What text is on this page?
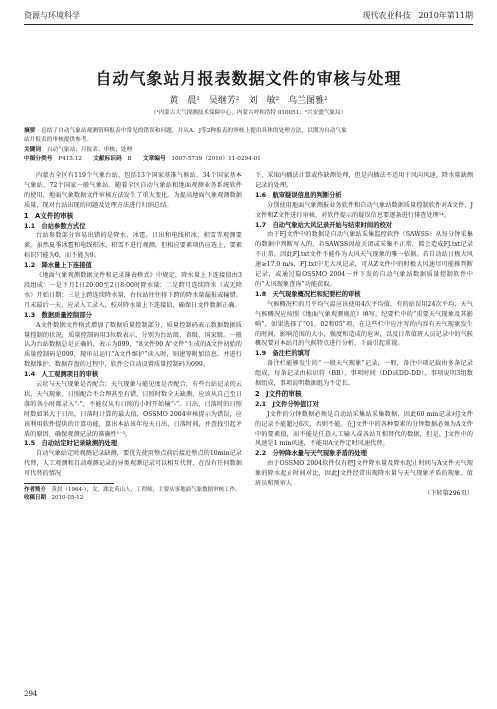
资源与环境科学	现代农业科技　2010年第11期
自动气象站月报表数据文件的审核与处理
黄　晨¹　吴继芳²　刘　敏²　乌兰图雅²
（¹内蒙古大气探测技术保障中心，内蒙古呼和浩特 010051；²兴安盟气象局）
摘要　 总结了自动气象站观测资料报表中常见的错误和问题，并从A、J等2种报表的审核上提出具体的处理方法，以期为自动气象
站月报表的审核提供参考。
关键词　 自动气象站；月报表；审核；处理
中图分类号　 P415.12　　 文献标识码　 B　　 文章编号　 1007-5739（2010）11-0294-01

内蒙古全区有119个气象台站，包括13个国家基准气候站、34个国家基本气象站、72个国家一般气象站。随着全区自动气象站和地面观测业务系统软件的使用，地面气象数据文件审核方法发生了重大变化。为提高地面气象观测数据质量，现对台站出现的问题及处理方法进行归纳总结。

1　A文件的审核
1.1　台站参数方式位

台站参数部分容易出错的是降水、冰雹、日出和电线积冰、积雪等观测要素。虽然夏季冰雹和电线积冰、积雪不进行观测，但相应要素项仍应选上，要素标识只能为0，而不能为9。

1.2　降水量上下连接值

《地面气象观测数据文件和记录簿表格式》中规定，降水量上下连接值由3段组成：一是下月1日20:00至2日8:00时降水量；二是跨月连续降水（或无降水）开始日期；三是上跨连续降水量，右位站往往将下跨的降水量漏报或输错。月末最后一天，应录入工录入，校对降水量上下连接值，确保日文件数据正确。

1.3　数据质量控制部分

A文件数据文件格式增加了数据质量控制部分，质量控制码表示数据数据质量控制的状况，质量控制码用3位数表示，分别为台站级、省级、国家级。一般认为台站数据总是正确的，表示为099，“8文件90 A”文件“生成的A文件初始的质量控制码是099，现审员运行“A文件维护”读入时，则建筹附加信息，并进行数据维护，数据存盘的过程中，软件会自动设置质量控制码为099。

1.4　人工观测项目的审核

云状与天气现象是否配合；天气现象与能见度是否配合，有些台站记录的云状、天气现象、日照配合不合理甚至有错，日照时数全天缺测，应该从自己至日落的各小时都录入“-”，不能仅从有日照的小时开始输“-”。日出、日落时的日照时数如果大于日出、日落时计算的最大值，OSSMO 2004审核提示为错误，应该利用软件提供的计算功能，算出本站该年每天日出、日落时间，并查找引起矛盾的原因，确保观测记录的准确性¹⁻³。

1.5　自动站定时记录缺测的处理

自动气象站定时观测记录缺测，要优先使用整点前后接近整点的10min记录代替，人工观测和自动观测记录的异类观测记录可以相互代替，在没有任何数据可代替的情况

作者简介　 黄晨（1964-），女，湖北英山人，工程师，主要从事地面气象数据审核工作。
收稿日期　 2010-05-12

下，采取内插法计算或作缺测处理，但是内插法不适用于风向风速、降水量缺测记录的处理。

1.6　航审疑误信息的判断分析

分别使用地面气象测报业务软件和自动气象站数据质量控制软件对A文件、J文件和Z文件进行审核，对软件提示的疑误信息要逐条进行排查处理¹⁴。

1.7　自动气象站大风记录开始与结束时间的校对

由于FJ文件中的数据是自动气象站采集监控软件（SAWSS）从每分钟采集的数据中判断写入的，若SAWSS因故关闭或采集不正常，都会造成FJ.txt记录不正常，因此FJ.txt文件不能作为大风天气现象的唯一依据。若自动站日极大风速≥17.0 m/s，FJ.txt中无大风记录，可从Z文件中的时极大风速尽可能推判断记录，或通过隐OSSMO 2004一并下发的自动气象站数据质量控制软件中的“大风现象查询”功能获取。

1.8　天气现象概况栏和纪要栏的审核

气候概况栏的月平均气温应该使用4次平均值，有的站误用24次平均；天气气候概况应按照《地面气象观测规范》填写，纪要栏中的“重要天气现象及其影响”，如果选择了“01，02和05”项，在这些栏中应注写的内容有天气现象发生的时间，影响范围的大小，强度和造成的危害，以及日常值班人员记录中的气候概况要对本站月的气候特点进行分析，下面引起重视。

1.9　备注栏的填写

备注栏能够发生的“ 一般天气现象”记录，一般，备注中项记载由多条记录组成，每条记录由标识符（BB），事项时间（DD或DD-DD）、事项说明3组数据组成，事项说明数据组为不定长。

2　J文件的审核
2.1　J文件分钟值订对

J文件的分钟数据必须是自动站采集站采集数据，因此60 min记录对J文件的记录不能超过6次，否则不能。在J文件中的各种要素的分钟数据必须为A文件中的要素值，而不能是任意人工输入或各站互相替代的数据，但是，J文件中的风速是1 min风速，不能用A文件定时风速代替。

2.2　分钟降水量与天气现象矛盾的处理

由于OSSMO 2004软件仅有把J文件降水量及降水起止时间与A文件天气现象的降水起止时间对比，因此J文件经常出现降水量与天气现象矛盾的现象。值班员和预审人

（下转第296页）
294
